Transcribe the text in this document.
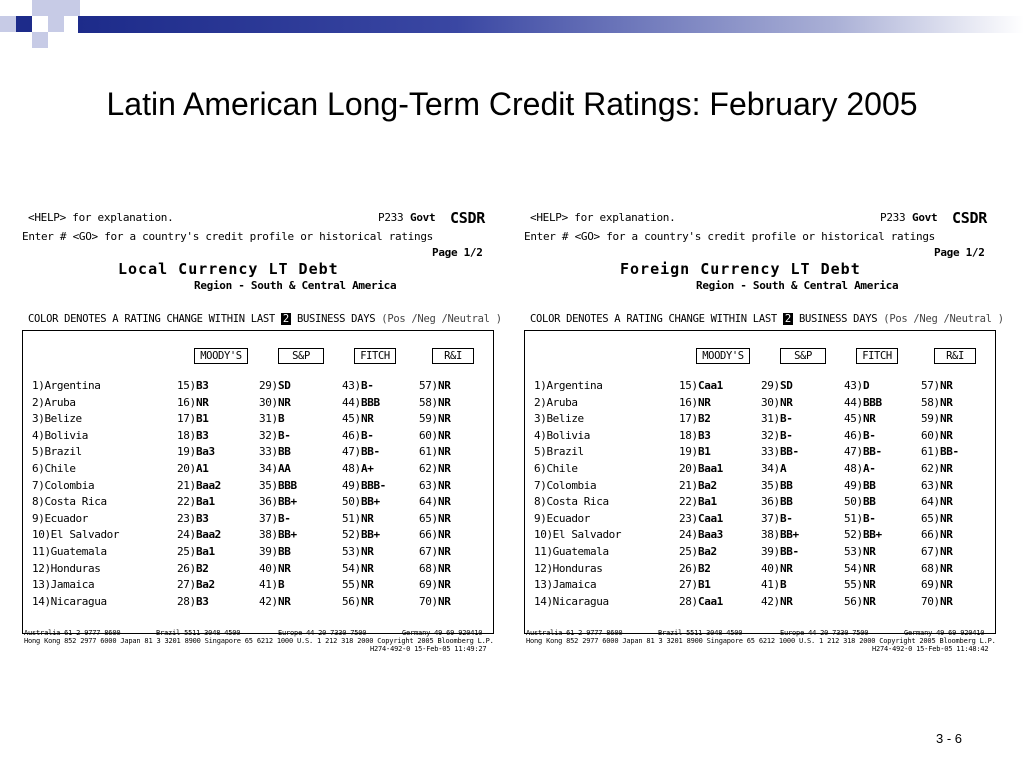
Latin American Long-Term Credit Ratings: February 2005
<HELP> for explanation.	P233 Govt CSDR
Enter # <GO> for a country's credit profile or historical ratings
Page 1/2
Local Currency LT Debt
Region - South & Central America
COLOR DENOTES A RATING CHANGE WITHIN LAST 2 BUSINESS DAYS (Pos /Neg /Neutral )
MOODY'S	S&P	FITCH	R&I
1)Argentina	15) B3	29) SD	43) B-	57) NR
2)Aruba	16) NR	30) NR	44) BBB	58) NR
3)Belize	17) B1	31) B	45) NR	59) NR
4)Bolivia	18) B3	32) B-	46) B-	60) NR
5)Brazil	19) Ba3	33) BB	47) BB-	61) NR
6)Chile	20) A1	34) AA	48) A+	62) NR
7)Colombia	21) Baa2	35) BBB	49) BBB-	63) NR
8)Costa Rica	22) Ba1	36) BB+	50) BB+	64) NR
9)Ecuador	23) B3	37) B-	51) NR	65) NR
10)El Salvador	24) Baa2	38) BB+	52) BB+	66) NR
11)Guatemala	25) Ba1	39) BB	53) NR	67) NR
12)Honduras	26) B2	40) NR	54) NR	68) NR
13)Jamaica	27) Ba2	41) B	55) NR	69) NR
14)Nicaragua	28) B3	42) NR	56) NR	70) NR
Australia 61 2 9777 8600	Brazil 5511 3048 4500	Europe 44 20 7330 7500	Germany 49 69 920410
Hong Kong 852 2977 6000 Japan 81 3 3201 8900 Singapore 65 6212 1000 U.S. 1 212 318 2000 Copyright 2005 Bloomberg L.P.
H274-492-0 15-Feb-05 11:49:27
<HELP> for explanation.	P233 Govt CSDR
Enter # <GO> for a country's credit profile or historical ratings
Page 1/2
Foreign Currency LT Debt
Region - South & Central America
COLOR DENOTES A RATING CHANGE WITHIN LAST 2 BUSINESS DAYS (Pos /Neg /Neutral )
MOODY'S	S&P	FITCH	R&I
1)Argentina	15) Caa1	29) SD	43) D	57) NR
2)Aruba	16) NR	30) NR	44) BBB	58) NR
3)Belize	17) B2	31) B-	45) NR	59) NR
4)Bolivia	18) B3	32) B-	46) B-	60) NR
5)Brazil	19) B1	33) BB-	47) BB-	61) BB-
6)Chile	20) Baa1	34) A	48) A-	62) NR
7)Colombia	21) Ba2	35) BB	49) BB	63) NR
8)Costa Rica	22) Ba1	36) BB	50) BB	64) NR
9)Ecuador	23) Caa1	37) B-	51) B-	65) NR
10)El Salvador	24) Baa3	38) BB+	52) BB+	66) NR
11)Guatemala	25) Ba2	39) BB-	53) NR	67) NR
12)Honduras	26) B2	40) NR	54) NR	68) NR
13)Jamaica	27) B1	41) B	55) NR	69) NR
14)Nicaragua	28) Caa1	42) NR	56) NR	70) NR
Australia 61 2 9777 8600	Brazil 5511 3048 4500	Europe 44 20 7330 7500	Germany 49 69 920410
Hong Kong 852 2977 6000 Japan 81 3 3201 8900 Singapore 65 6212 1000 U.S. 1 212 318 2000 Copyright 2005 Bloomberg L.P.
H274-492-0 15-Feb-05 11:48:42
3 - 6
